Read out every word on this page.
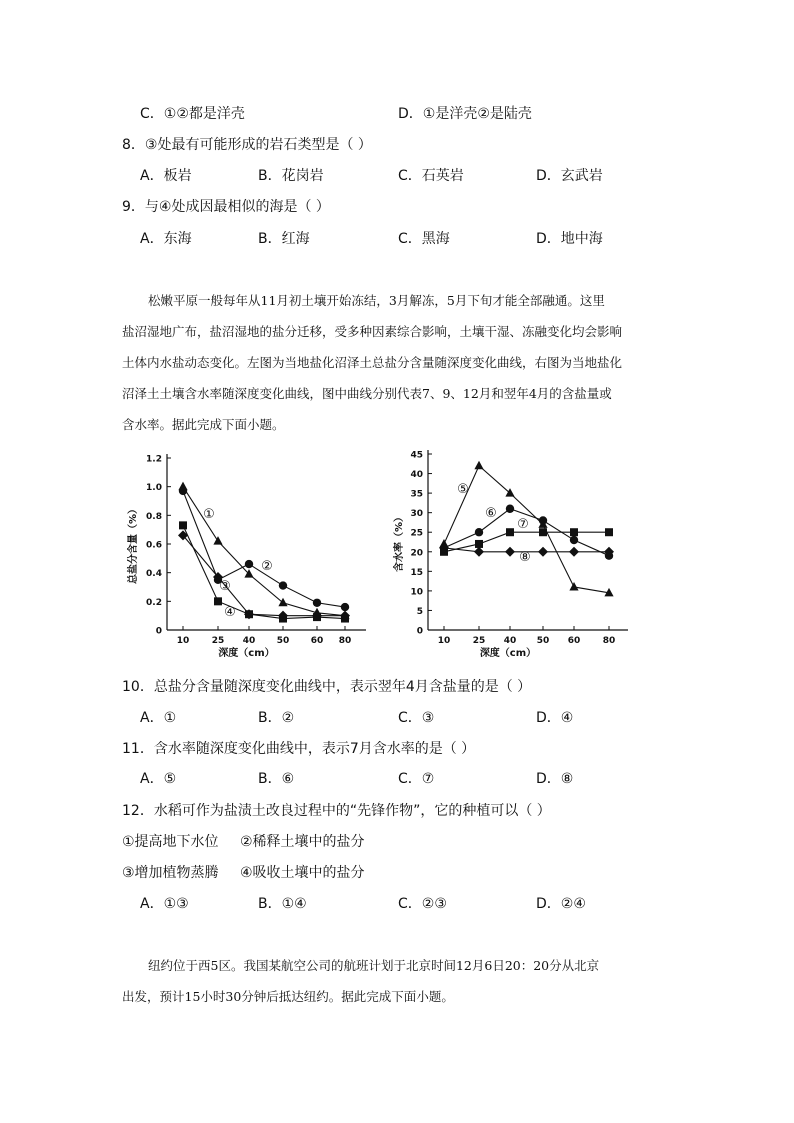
C．①②都是洋壳	D．①是洋壳②是陆壳
8．③处最有可能形成的岩石类型是（ ）
A．板岩	B．花岗岩	C．石英岩	D．玄武岩
9．与④处成因最相似的海是（ ）
A．东海	B．红海	C．黑海	D．地中海
松嫩平原一般每年从11月初土壤开始冻结，3月解冻，5月下旬才能全部融通。这里
盐沼湿地广布，盐沼湿地的盐分迁移，受多种因素综合影响，土壤干湿、冻融变化均会影响
土体内水盐动态变化。左图为当地盐化沼泽土总盐分含量随深度变化曲线，右图为当地盐化
沼泽土土壤含水率随深度变化曲线，图中曲线分别代表7、9、12月和翌年4月的含盐量或
含水率。据此完成下面小题。
0
0.2
0.4
0.6
0.8
1.0
1.2
10 25 40 50 60 80
深度（cm）
总盐分含量（%）	①
②
③
④
0
5
10
15
20
25
30
35
40
45
10 25 40 50 60 80
深度（cm）
含水率（%）
⑤
⑥
⑦
⑧
10．总盐分含量随深度变化曲线中，表示翌年4月含盐量的是（ ）
A．①	B．②	C．③	D．④
11．含水率随深度变化曲线中，表示7月含水率的是（ ）
A．⑤	B．⑥	C．⑦	D．⑧
12．水稻可作为盐渍土改良过程中的“先锋作物”，它的种植可以（ ）
①提高地下水位 ②稀释土壤中的盐分
③增加植物蒸腾 ④吸收土壤中的盐分
A．①③	B．①④	C．②③	D．②④
纽约位于西5区。我国某航空公司的航班计划于北京时间12月6日20：20分从北京
出发，预计15小时30分钟后抵达纽约。据此完成下面小题。
